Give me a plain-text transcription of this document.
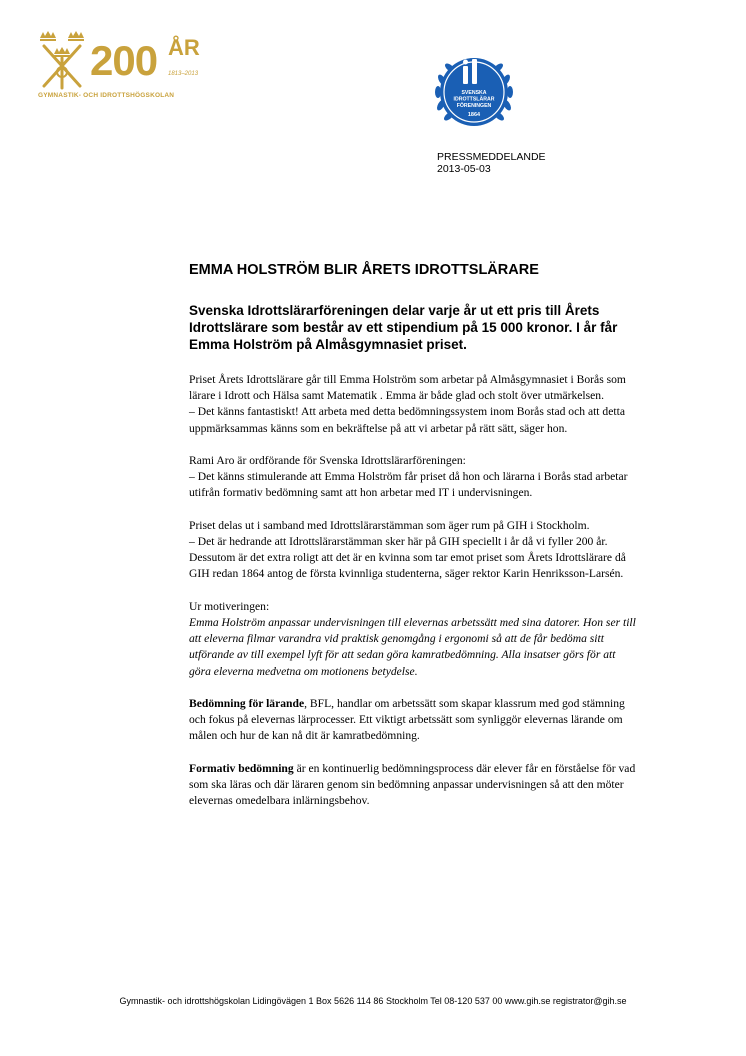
200 ÅR
1813–2013
GYMNASTIK- OCH IDROTTSHÖGSKOLAN	SVENSKA
IDROTTSLÄRAR
FÖRENINGEN
1864
PRESSMEDDELANDE
2013-05-03
EMMA HOLSTRÖM BLIR ÅRETS IDROTTSLÄRARE

Svenska Idrottslärarföreningen delar varje år ut ett pris till Årets Idrottslärare som består av ett stipendium på 15 000 kronor. I år får Emma Holström på Almåsgymnasiet priset.

Priset Årets Idrottslärare går till Emma Holström som arbetar på Almåsgymnasiet i Borås som lärare i Idrott och Hälsa samt Matematik . Emma är både glad och stolt över utmärkelsen.
– Det känns fantastiskt! Att arbeta med detta bedömningssystem inom Borås stad och att detta uppmärksammas känns som en bekräftelse på att vi arbetar på rätt sätt, säger hon.

Rami Aro är ordförande för Svenska Idrottslärarföreningen:
– Det känns stimulerande att Emma Holström får priset då hon och lärarna i Borås stad arbetar utifrån formativ bedömning samt att hon arbetar med IT i undervisningen.

Priset delas ut i samband med Idrottslärarstämman som äger rum på GIH i Stockholm.
– Det är hedrande att Idrottslärarstämman sker här på GIH speciellt i år då vi fyller 200 år. Dessutom är det extra roligt att det är en kvinna som tar emot priset som Årets Idrottslärare då GIH redan 1864 antog de första kvinnliga studenterna, säger rektor Karin Henriksson-Larsén.

Ur motiveringen:
Emma Holström anpassar undervisningen till elevernas arbetssätt med sina datorer. Hon ser till att eleverna filmar varandra vid praktisk genomgång i ergonomi så att de får bedöma sitt utförande av till exempel lyft för att sedan göra kamratbedömning. Alla insatser görs för att göra eleverna medvetna om motionens betydelse.

Bedömning för lärande, BFL, handlar om arbetssätt som skapar klassrum med god stämning och fokus på elevernas lärprocesser. Ett viktigt arbetssätt som synliggör elevernas lärande om målen och hur de kan nå dit är kamratbedömning.

Formativ bedömning är en kontinuerlig bedömningsprocess där elever får en förståelse för vad som ska läras och där läraren genom sin bedömning anpassar undervisningen så att den möter elevernas omedelbara inlärningsbehov.

Gymnastik- och idrottshögskolan Lidingövägen 1 Box 5626 114 86 Stockholm Tel 08-120 537 00 www.gih.se registrator@gih.se
